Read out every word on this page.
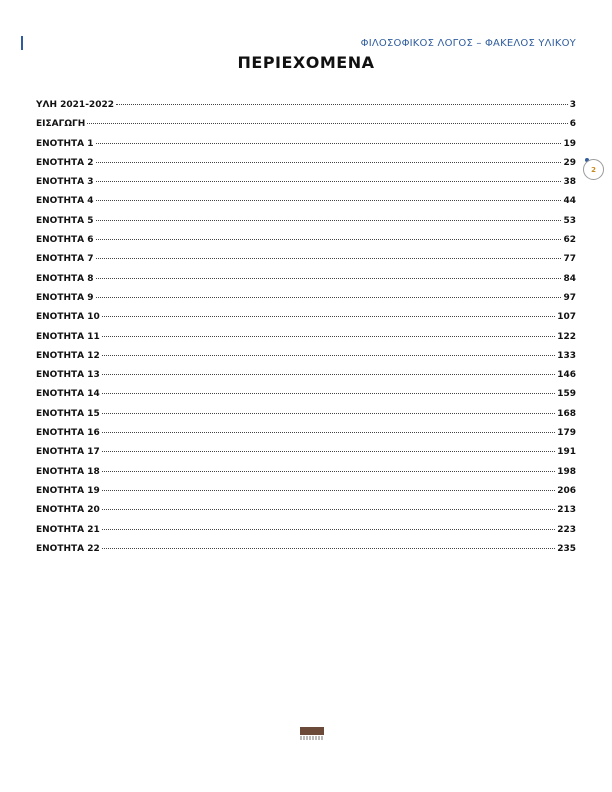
ΦΙΛΟΣΟΦΙΚΟΣ ΛΟΓΟΣ – ΦΑΚΕΛΟΣ ΥΛΙΚΟΥ
ΠΕΡΙΕΧΟΜΕΝΑ
ΥΛΗ 2021-2022	3
ΕΙΣΑΓΩΓΗ	6
ΕΝΟΤΗΤΑ 1	19
ΕΝΟΤΗΤΑ 2	29
ΕΝΟΤΗΤΑ 3	38
ΕΝΟΤΗΤΑ 4	44
ΕΝΟΤΗΤΑ 5	53
ΕΝΟΤΗΤΑ 6	62
ΕΝΟΤΗΤΑ 7	77
ΕΝΟΤΗΤΑ 8	84
ΕΝΟΤΗΤΑ 9	97
ΕΝΟΤΗΤΑ 10	107
ΕΝΟΤΗΤΑ 11	122
ΕΝΟΤΗΤΑ 12	133
ΕΝΟΤΗΤΑ 13	146
ΕΝΟΤΗΤΑ 14	159
ΕΝΟΤΗΤΑ 15	168
ΕΝΟΤΗΤΑ 16	179
ΕΝΟΤΗΤΑ 17	191
ΕΝΟΤΗΤΑ 18	198
ΕΝΟΤΗΤΑ 19	206
ΕΝΟΤΗΤΑ 20	213
ΕΝΟΤΗΤΑ 21	223
ΕΝΟΤΗΤΑ 22	235
2
